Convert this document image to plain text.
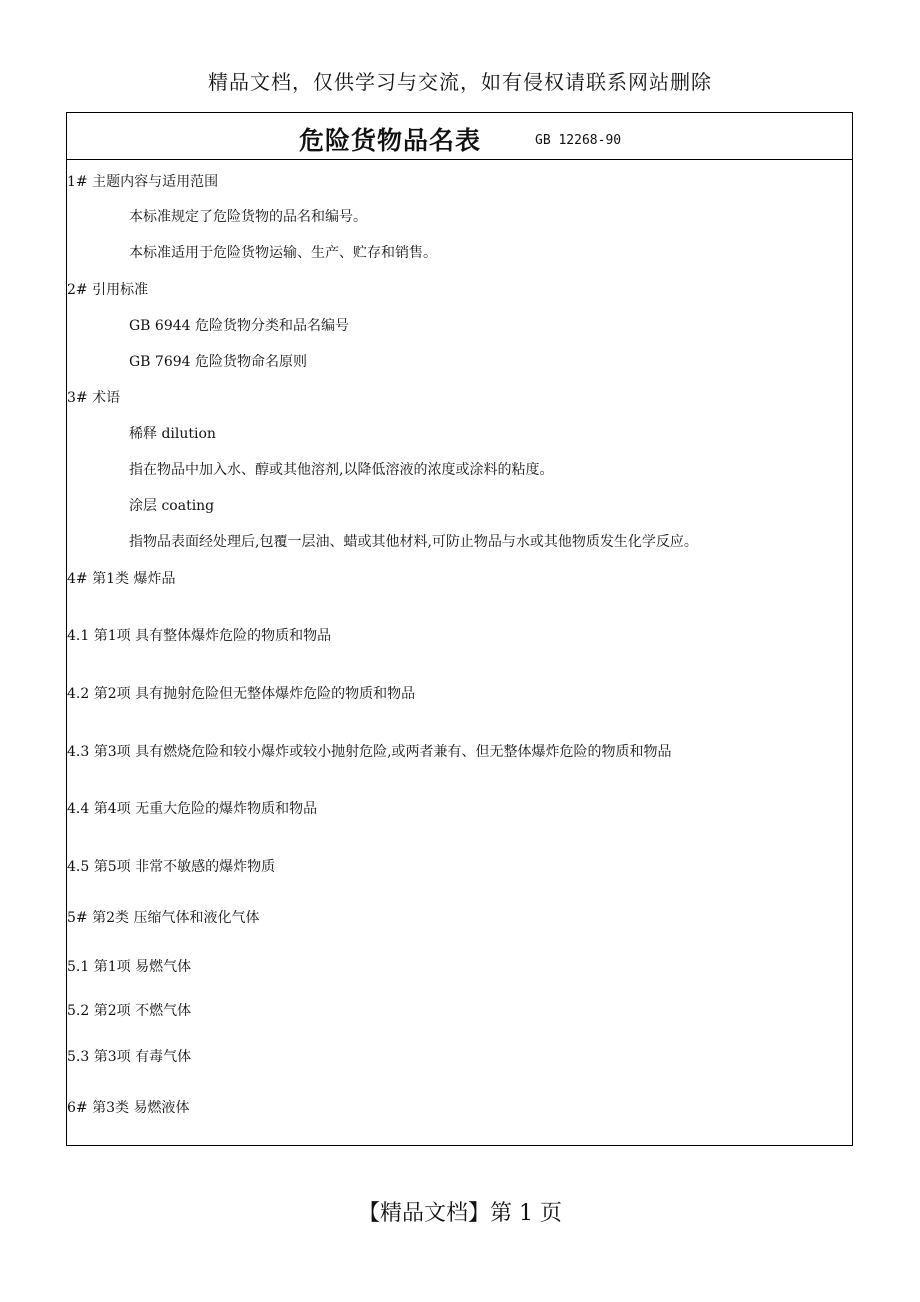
精品文档，仅供学习与交流，如有侵权请联系网站删除
危险货物品名表	GB 12268-90
1# 主题内容与适用范围
本标准规定了危险货物的品名和编号。
本标准适用于危险货物运输、生产、贮存和销售。
2# 引用标准
GB 6944 危险货物分类和品名编号
GB 7694 危险货物命名原则
3# 术语
稀释 dilution
指在物品中加入水、醇或其他溶剂,以降低溶液的浓度或涂料的粘度。
涂层 coating
指物品表面经处理后,包覆一层油、蜡或其他材料,可防止物品与水或其他物质发生化学反应。
4# 第1类 爆炸品
4.1 第1项 具有整体爆炸危险的物质和物品
4.2 第2项 具有抛射危险但无整体爆炸危险的物质和物品
4.3 第3项 具有燃烧危险和较小爆炸或较小抛射危险,或两者兼有、但无整体爆炸危险的物质和物品
4.4 第4项 无重大危险的爆炸物质和物品
4.5 第5项 非常不敏感的爆炸物质
5# 第2类 压缩气体和液化气体
5.1 第1项 易燃气体
5.2 第2项 不燃气体
5.3 第3项 有毒气体
6# 第3类 易燃液体
【精品文档】第 1 页
